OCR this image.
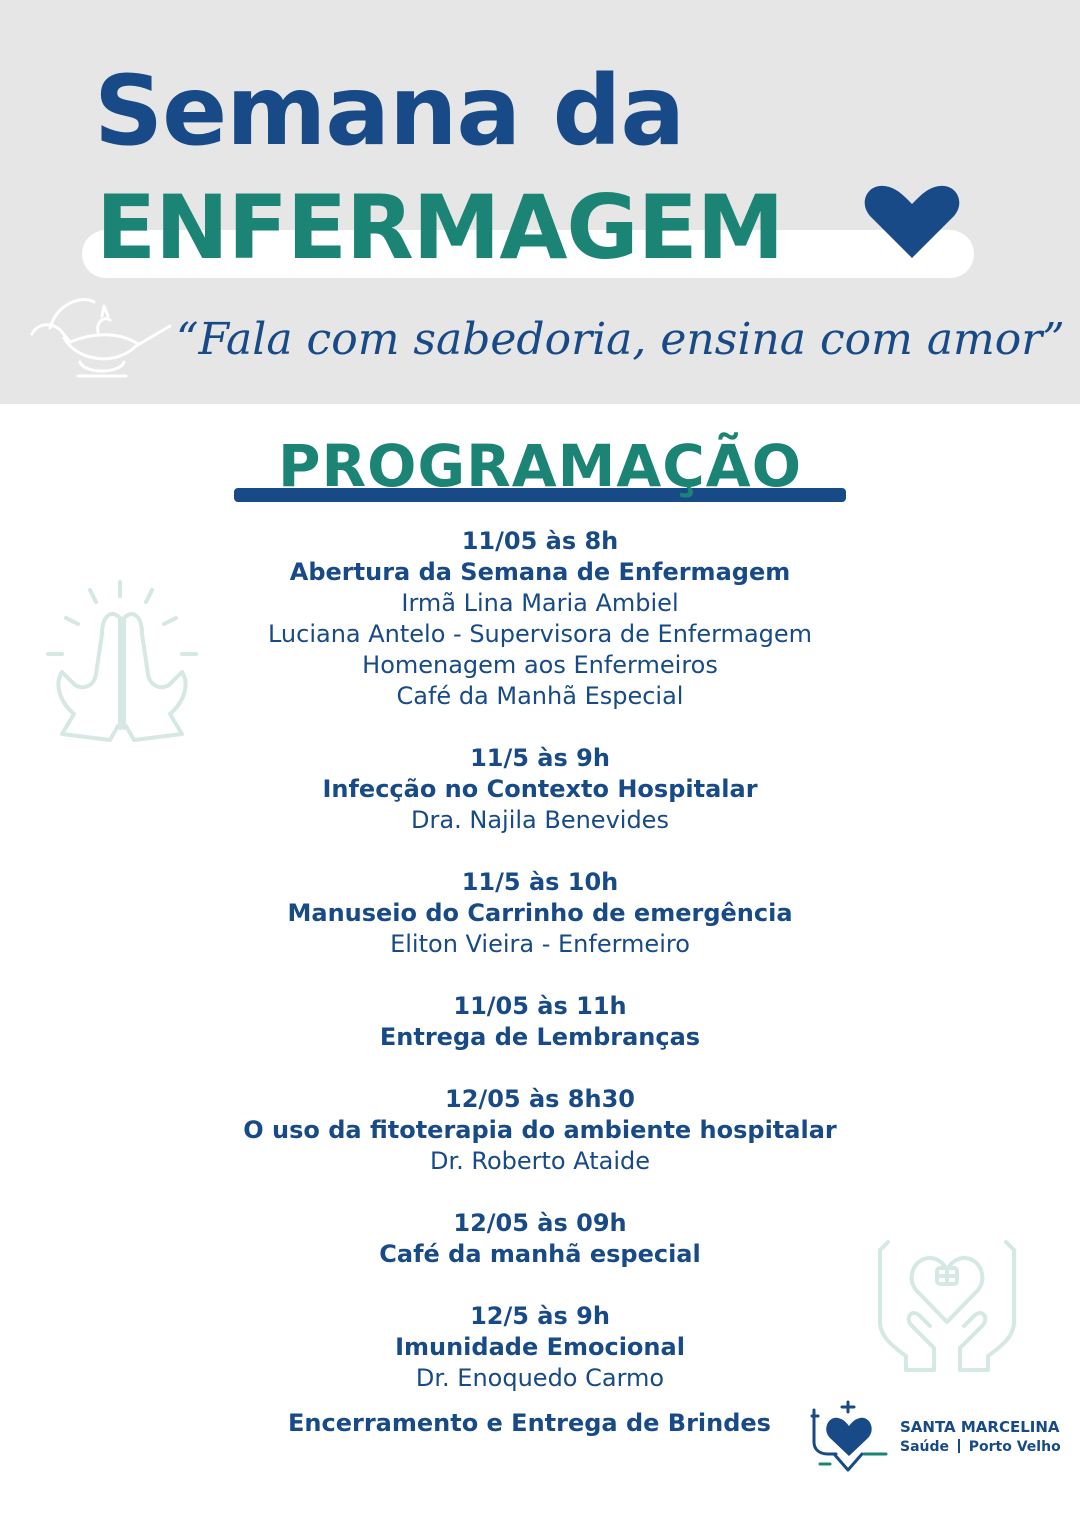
Semana da
ENFERMAGEM

“Fala com sabedoria, ensina com amor”

PROGRAMAÇÃO
11/05 às 8h
Abertura da Semana de Enfermagem
Irmã Lina Maria Ambiel
Luciana Antelo - Supervisora de Enfermagem
Homenagem aos Enfermeiros
Café da Manhã Especial
11/5 às 9h
Infecção no Contexto Hospitalar
Dra. Najila Benevides
11/5 às 10h
Manuseio do Carrinho de emergência
Eliton Vieira - Enfermeiro
11/05 às 11h
Entrega de Lembranças
12/05 às 8h30
O uso da fitoterapia do ambiente hospitalar
Dr. Roberto Ataide
12/05 às 09h
Café da manhã especial
12/5 às 9h
Imunidade Emocional
Dr. Enoquedo Carmo
Encerramento e Entrega de Brindes	SANTA MARCELINA
Saúde Porto Velho
